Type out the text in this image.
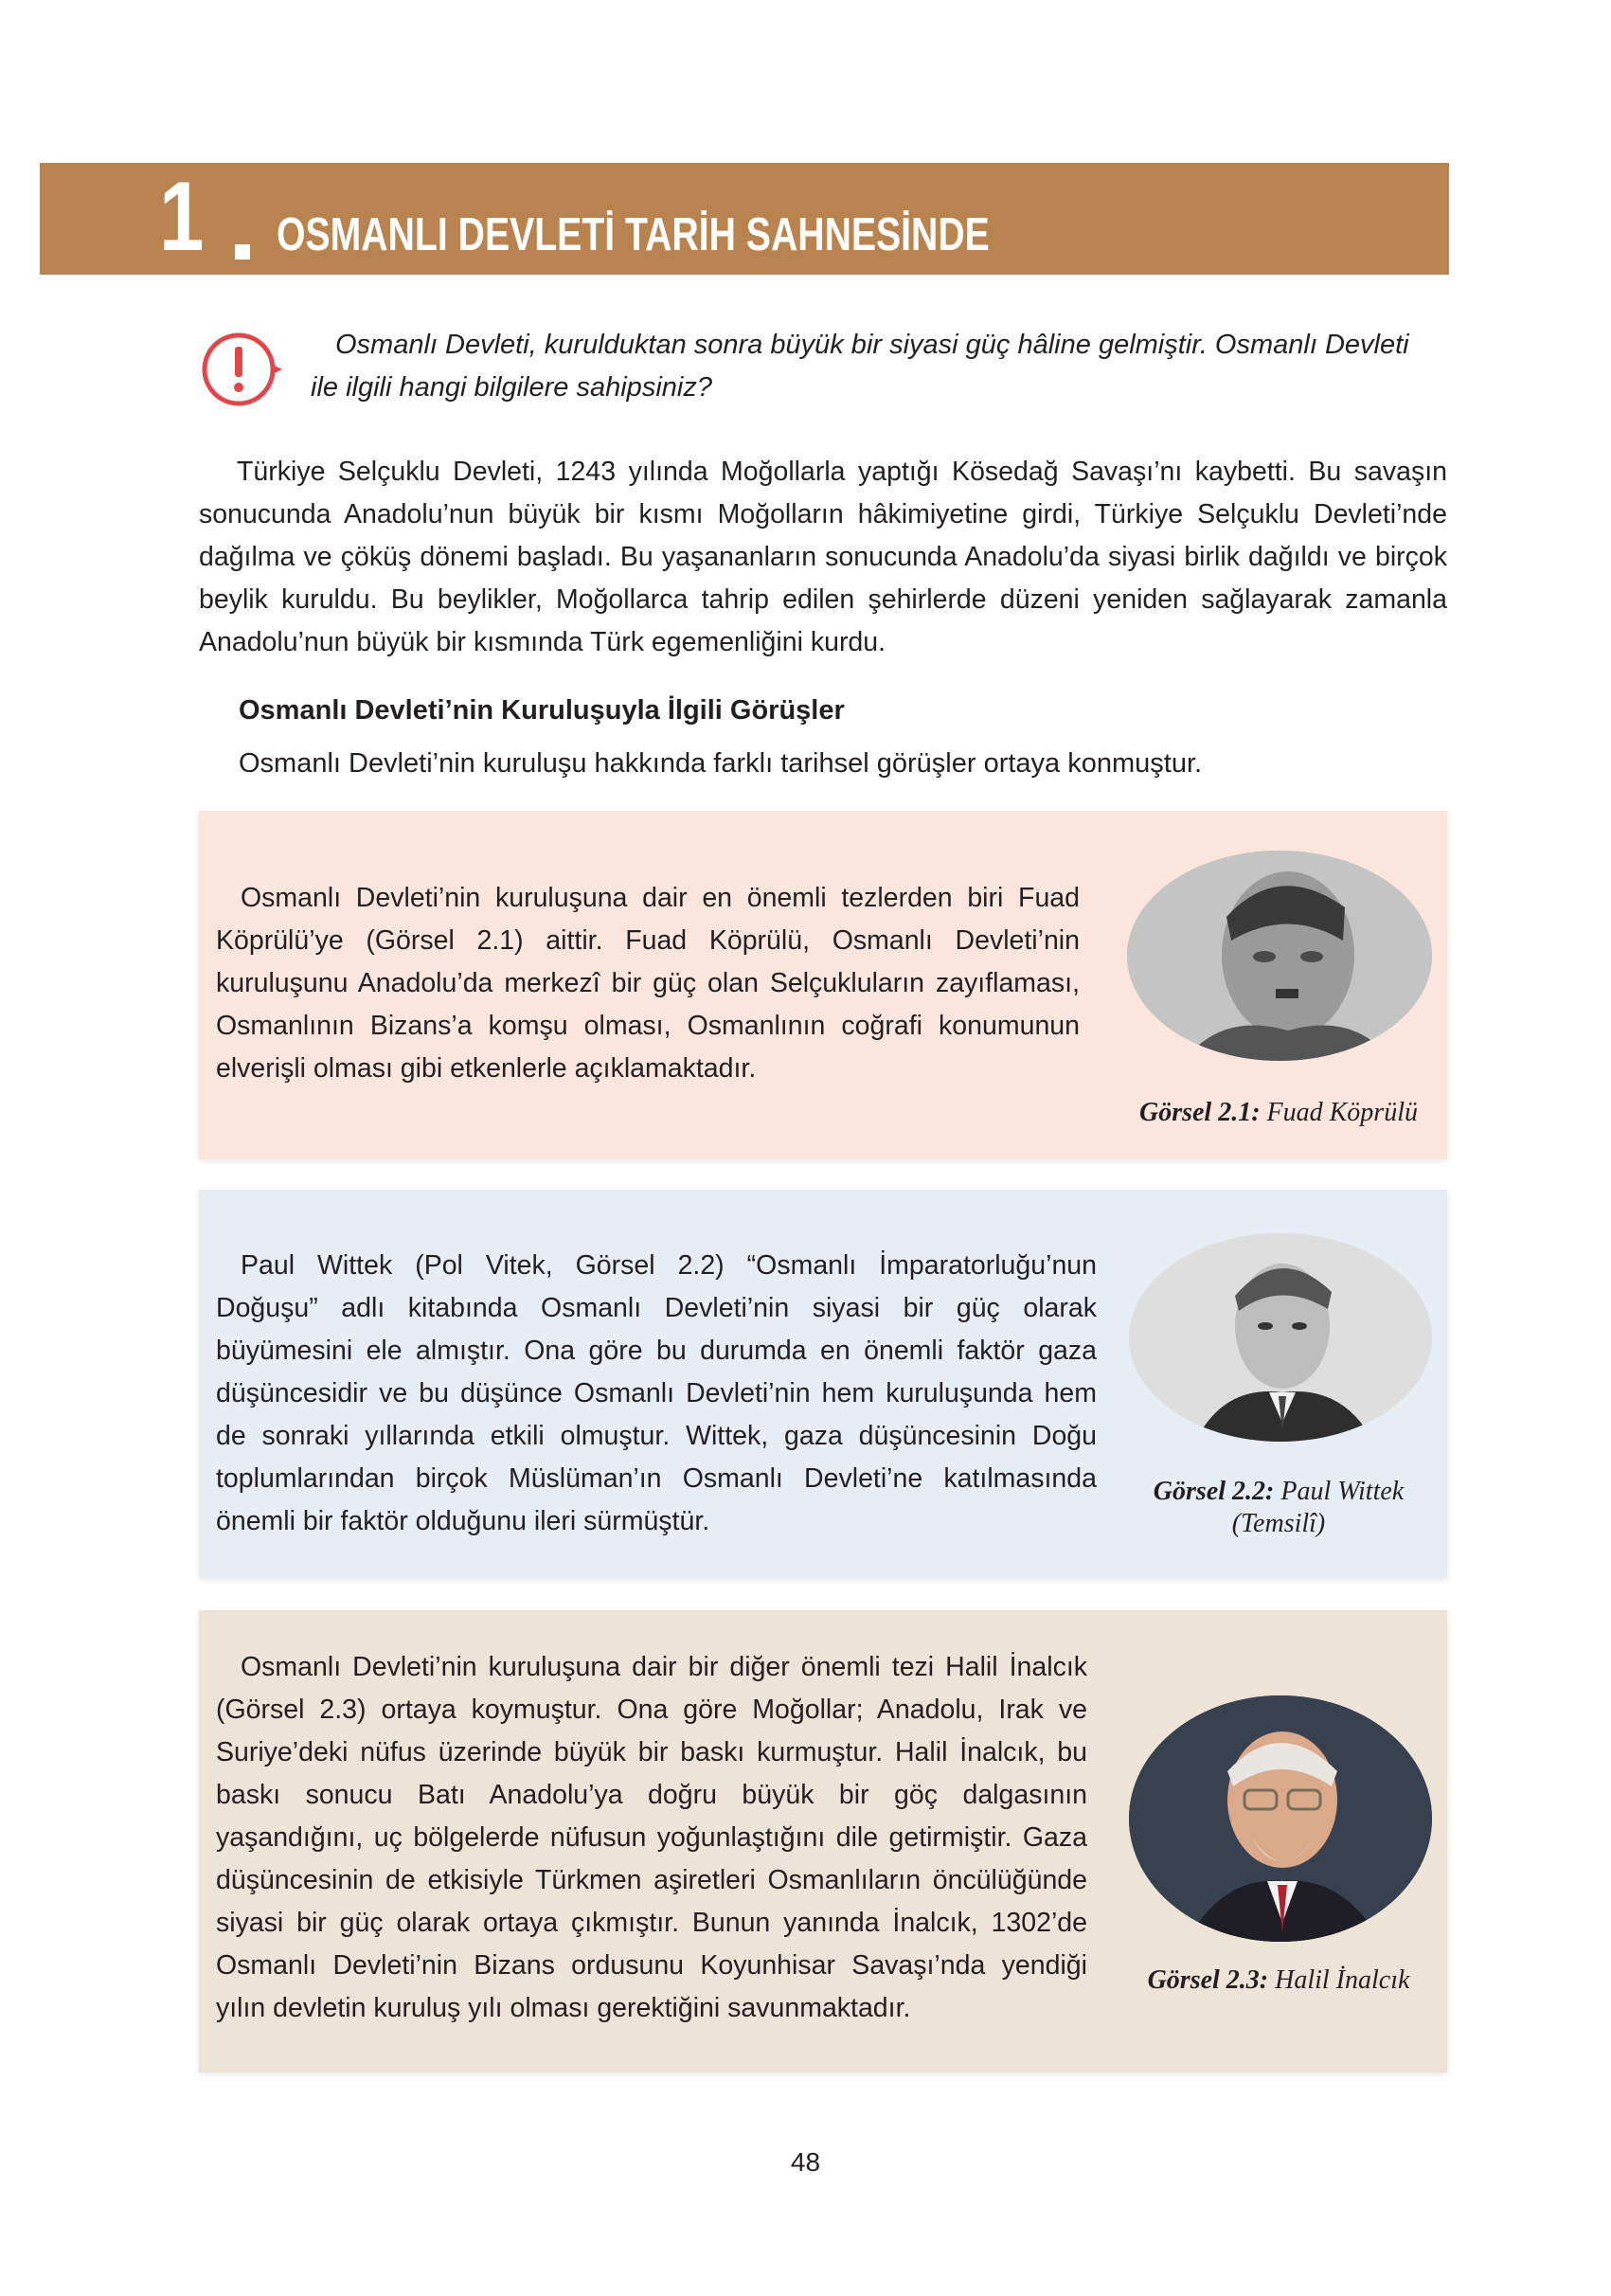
1 OSMANLI DEVLETİ TARİH SAHNESİNDE

Osmanlı Devleti, kurulduktan sonra büyük bir siyasi güç hâline gelmiştir. Osmanlı Devleti
ile ilgili hangi bilgilere sahipsiniz?

Türkiye Selçuklu Devleti, 1243 yılında Moğollarla yaptığı Kösedağ Savaşı’nı kaybetti. Bu savaşın sonucunda Anadolu’nun büyük bir kısmı Moğolların hâkimiyetine girdi, Türkiye Selçuklu Devleti’nde dağılma ve çöküş dönemi başladı. Bu yaşananların sonucunda Anadolu’da siyasi birlik dağıldı ve birçok beylik kuruldu. Bu beylikler, Moğollarca tahrip edilen şehirlerde düzeni yeniden sağlayarak zamanla Anadolu’nun büyük bir kısmında Türk egemenliğini kurdu.

Osmanlı Devleti’nin Kuruluşuyla İlgili Görüşler

Osmanlı Devleti’nin kuruluşu hakkında farklı tarihsel görüşler ortaya konmuştur.

Osmanlı Devleti’nin kuruluşuna dair en önemli tezlerden biri Fuad Köprülü’ye (Görsel 2.1) aittir. Fuad Köprülü, Osmanlı Devleti’nin kuruluşunu Anadolu’da merkezî bir güç olan Selçukluların zayıflaması, Osmanlının Bizans’a komşu olması, Osmanlının coğrafi konumunun elverişli olması gibi etkenlerle açıklamaktadır.

Görsel 2.1: Fuad Köprülü

Paul Wittek (Pol Vitek, Görsel 2.2) “Osmanlı İmparatorluğu’nun Doğuşu” adlı kitabında Osmanlı Devleti’nin siyasi bir güç olarak büyümesini ele almıştır. Ona göre bu durumda en önemli faktör gaza düşüncesidir ve bu düşünce Osmanlı Devleti’nin hem kuruluşunda hem de sonraki yıllarında etkili olmuştur. Wittek, gaza düşüncesinin Doğu toplumlarından birçok Müslüman’ın Osmanlı Devleti’ne katılmasında önemli bir faktör olduğunu ileri sürmüştür.

Görsel 2.2: Paul Wittek
(Temsilî)

Osmanlı Devleti’nin kuruluşuna dair bir diğer önemli tezi Halil İnalcık (Görsel 2.3) ortaya koymuştur. Ona göre Moğollar; Anadolu, Irak ve Suriye’deki nüfus üzerinde büyük bir baskı kurmuştur. Halil İnalcık, bu baskı sonucu Batı Anadolu’ya doğru büyük bir göç dalgasının yaşandığını, uç bölgelerde nüfusun yoğunlaştığını dile getirmiştir. Gaza düşüncesinin de etkisiyle Türkmen aşiretleri Osmanlıların öncülüğünde siyasi bir güç olarak ortaya çıkmıştır. Bunun yanında İnalcık, 1302’de Osmanlı Devleti’nin Bizans ordusunu Koyunhisar Savaşı’nda yendiği yılın devletin kuruluş yılı olması gerektiğini savunmaktadır.

Görsel 2.3: Halil İnalcık
48
